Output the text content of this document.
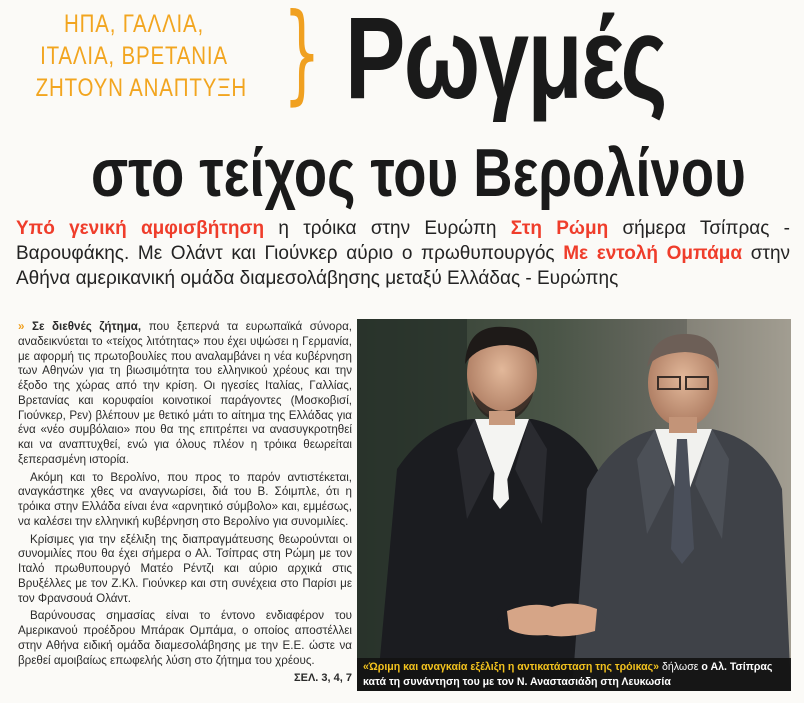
ΗΠΑ, ΓΑΛΛΙΑ,
ΙΤΑΛΙΑ, ΒΡΕΤΑΝΙΑ
ΖΗΤΟΥΝ ΑΝΑΠΤΥΞΗ } Ρωγμές
στο τείχος του Βερολίνου
Υπό γενική αμφισβήτηση η τρόικα στην Ευρώπη Στη Ρώμη σήμερα Τσίπρας - Βαρουφάκης. Με Ολάντ και Γιούνκερ αύριο ο πρωθυπουργός Με εντολή Ομπάμα στην Αθήνα αμερικανική ομάδα διαμεσολάβησης μεταξύ Ελλάδας - Ευρώπης

» Σε διεθνές ζήτημα, που ξεπερνά τα ευρωπαϊκά σύνορα, αναδεικνύεται το «τείχος λιτότητας» που έχει υψώσει η Γερμανία, με αφορμή τις πρωτοβουλίες που αναλαμβάνει η νέα κυβέρνηση των Αθηνών για τη βιωσιμότητα του ελληνικού χρέους και την έξοδο της χώρας από την κρίση. Οι ηγεσίες Ιταλίας, Γαλλίας, Βρετανίας και κορυφαίοι κοινοτικοί παράγοντες (Μοσκοβισί, Γιούνκερ, Ρεν) βλέπουν με θετικό μάτι το αίτημα της Ελλάδας για ένα «νέο συμβόλαιο» που θα της επιτρέπει να ανασυγκροτηθεί και να αναπτυχθεί, ενώ για όλους πλέον η τρόικα θεωρείται ξεπερασμένη ιστορία.

Ακόμη και το Βερολίνο, που προς το παρόν αντιστέκεται, αναγκάστηκε χθες να αναγνωρίσει, διά του Β. Σόιμπλε, ότι η τρόικα στην Ελλάδα είναι ένα «αρνητικό σύμβολο» και, εμμέσως, να καλέσει την ελληνική κυβέρνηση στο Βερολίνο για συνομιλίες.

Κρίσιμες για την εξέλιξη της διαπραγμάτευσης θεωρούνται οι συνομιλίες που θα έχει σήμερα ο Αλ. Τσίπρας στη Ρώμη με τον Ιταλό πρωθυπουργό Ματέο Ρέντζι και αύριο αρχικά στις Βρυξέλλες με τον Ζ.Κλ. Γιούνκερ και στη συνέχεια στο Παρίσι με τον Φρανσουά Ολάντ.

Βαρύνουσας σημασίας είναι το έντονο ενδιαφέρον του Αμερικανού προέδρου Μπάρακ Ομπάμα, ο οποίος αποστέλλει στην Αθήνα ειδική ομάδα διαμεσολάβησης με την Ε.Ε. ώστε να βρεθεί αμοιβαίως επωφελής λύση στο ζήτημα του χρέους.

ΣΕΛ. 3, 4, 7
«Ώριμη και αναγκαία εξέλιξη η αντικατάσταση της τρόικας» δήλωσε ο Αλ. Τσίπρας κατά τη συνάντηση του με τον Ν. Αναστασιάδη στη Λευκωσία
